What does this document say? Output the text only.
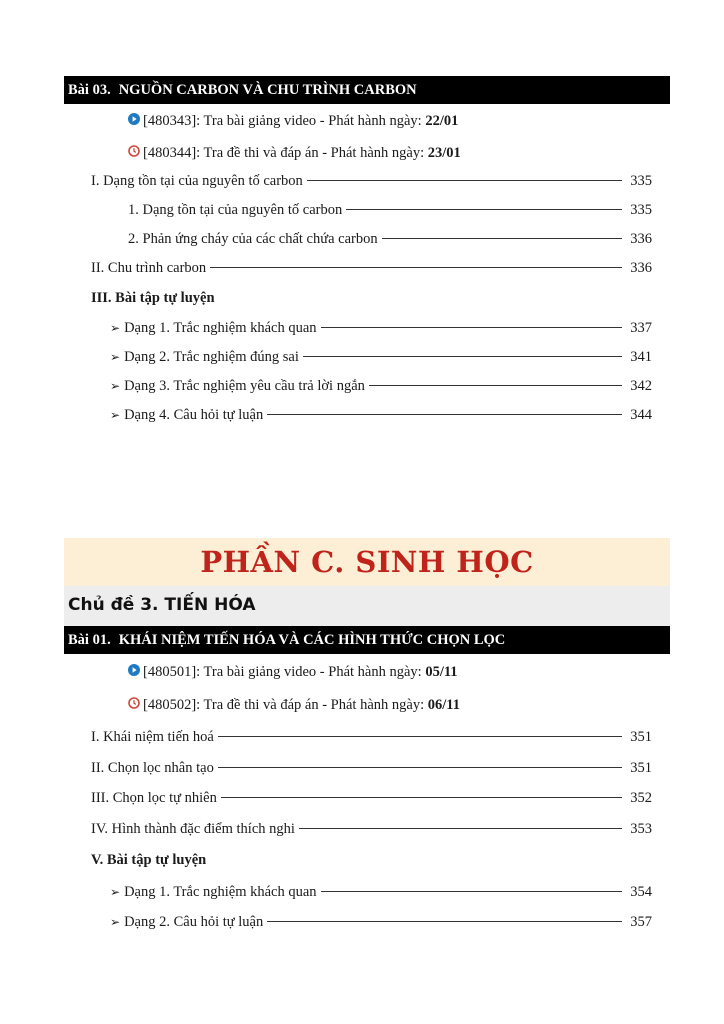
Bài 03. NGUỒN CARBON VÀ CHU TRÌNH CARBON
[480343]: Tra bài giảng video - Phát hành ngày: 22/01
[480344]: Tra đề thi và đáp án - Phát hành ngày: 23/01
I. Dạng tồn tại của nguyên tố carbon	335
1. Dạng tồn tại của nguyên tố carbon	335
2. Phản ứng cháy của các chất chứa carbon	336
II. Chu trình carbon	336
III. Bài tập tự luyện
➢ Dạng 1. Trắc nghiệm khách quan	337
➢ Dạng 2. Trắc nghiệm đúng sai	341
➢ Dạng 3. Trắc nghiệm yêu cầu trả lời ngắn	342
➢ Dạng 4. Câu hỏi tự luận	344
PHẦN C. SINH HỌC
Chủ đề 3. TIẾN HÓA
Bài 01. KHÁI NIỆM TIẾN HÓA VÀ CÁC HÌNH THỨC CHỌN LỌC
[480501]: Tra bài giảng video - Phát hành ngày: 05/11
[480502]: Tra đề thi và đáp án - Phát hành ngày: 06/11
I. Khái niệm tiến hoá	351
II. Chọn lọc nhân tạo	351
III. Chọn lọc tự nhiên	352
IV. Hình thành đặc điểm thích nghi	353
V. Bài tập tự luyện
➢ Dạng 1. Trắc nghiệm khách quan	354
➢ Dạng 2. Câu hỏi tự luận	357
